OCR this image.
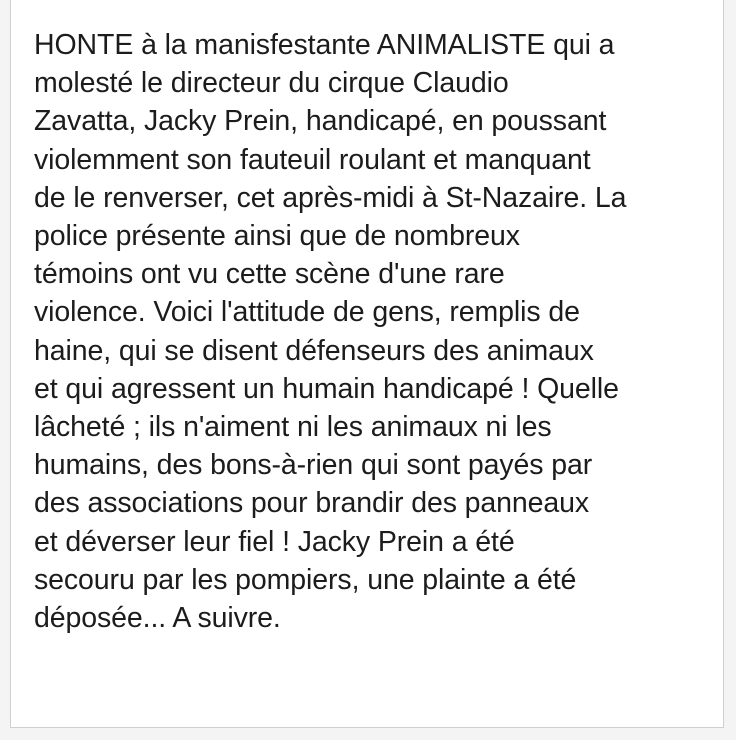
HONTE à la manisfestante ANIMALISTE qui a
molesté le directeur du cirque Claudio
Zavatta, Jacky Prein, handicapé, en poussant
violemment son fauteuil roulant et manquant
de le renverser, cet après-midi à St-Nazaire. La
police présente ainsi que de nombreux
témoins ont vu cette scène d'une rare
violence. Voici l'attitude de gens, remplis de
haine, qui se disent défenseurs des animaux
et qui agressent un humain handicapé ! Quelle
lâcheté ; ils n'aiment ni les animaux ni les
humains, des bons-à-rien qui sont payés par
des associations pour brandir des panneaux
et déverser leur fiel ! Jacky Prein a été
secouru par les pompiers, une plainte a été
déposée... A suivre.
